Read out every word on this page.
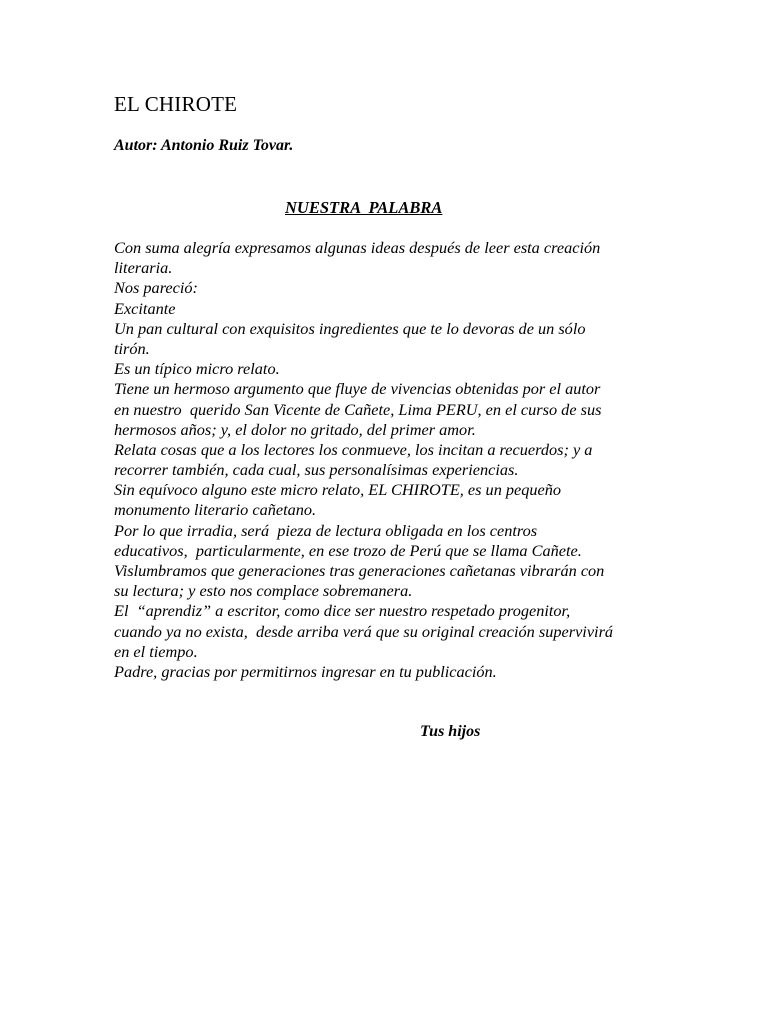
EL CHIROTE

Autor: Antonio Ruiz Tovar.

NUESTRA  PALABRA

Con suma alegría expresamos algunas ideas después de leer esta creación
literaria.
Nos pareció:
Excitante
Un pan cultural con exquisitos ingredientes que te lo devoras de un sólo
tirón.
Es un típico micro relato.
Tiene un hermoso argumento que fluye de vivencias obtenidas por el autor
en nuestro  querido San Vicente de Cañete, Lima PERU, en el curso de sus
hermosos años; y, el dolor no gritado, del primer amor.
Relata cosas que a los lectores los conmueve, los incitan a recuerdos; y a
recorrer también, cada cual, sus personalísimas experiencias.
Sin equívoco alguno este micro relato, EL CHIROTE, es un pequeño
monumento literario cañetano.
Por lo que irradia, será  pieza de lectura obligada en los centros
educativos,  particularmente, en ese trozo de Perú que se llama Cañete.
Vislumbramos que generaciones tras generaciones cañetanas vibrarán con
su lectura; y esto nos complace sobremanera.
El  “aprendiz” a escritor, como dice ser nuestro respetado progenitor,
cuando ya no exista,  desde arriba verá que su original creación supervivirá
en el tiempo.
Padre, gracias por permitirnos ingresar en tu publicación.

Tus hijos
